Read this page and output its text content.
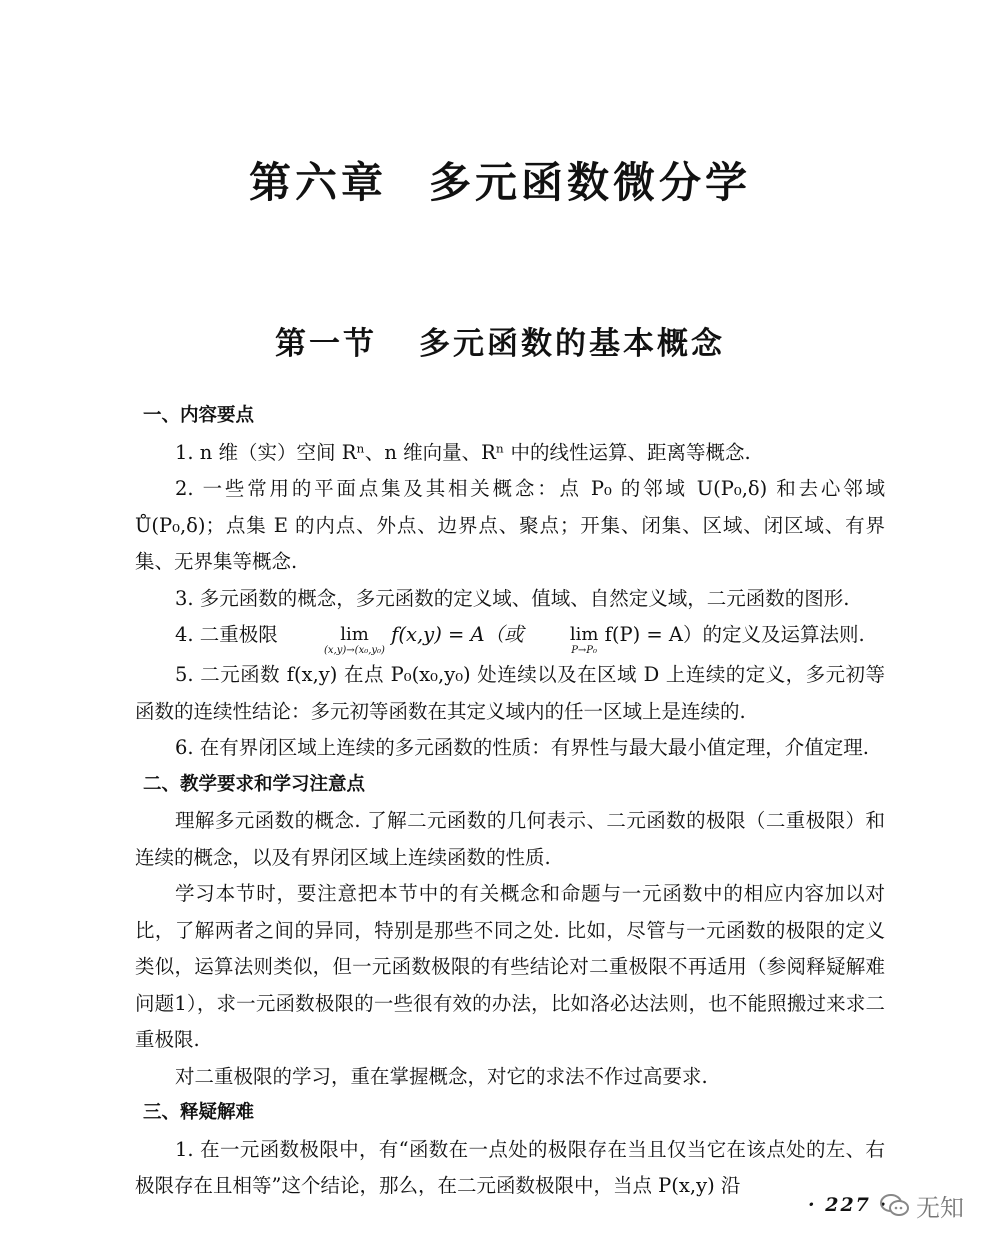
第六章 多元函数微分学
第一节 多元函数的基本概念
一、内容要点

1. n 维（实）空间 Rⁿ、n 维向量、Rⁿ 中的线性运算、距离等概念.

2. 一些常用的平面点集及其相关概念：点 P₀ 的邻域 U(P₀,δ) 和去心邻域 Ů(P₀,δ)；点集 E 的内点、外点、边界点、聚点；开集、闭集、区域、闭区域、有界集、无界集等概念.

3. 多元函数的概念，多元函数的定义域、值域、自然定义域，二元函数的图形.

4. 二重极限	lim
(x,y)→(x₀,y₀)
f(x,y) = A（或	lim
P→P₀
f(P) = A）的定义及运算法则.

5. 二元函数 f(x,y) 在点 P₀(x₀,y₀) 处连续以及在区域 D 上连续的定义，多元初等函数的连续性结论：多元初等函数在其定义域内的任一区域上是连续的.

6. 在有界闭区域上连续的多元函数的性质：有界性与最大最小值定理，介值定理.

二、教学要求和学习注意点

理解多元函数的概念. 了解二元函数的几何表示、二元函数的极限（二重极限）和连续的概念，以及有界闭区域上连续函数的性质.

学习本节时，要注意把本节中的有关概念和命题与一元函数中的相应内容加以对比，了解两者之间的异同，特别是那些不同之处. 比如，尽管与一元函数的极限的定义类似，运算法则类似，但一元函数极限的有些结论对二重极限不再适用（参阅释疑解难问题1），求一元函数极限的一些很有效的办法，比如洛必达法则，也不能照搬过来求二重极限.

对二重极限的学习，重在掌握概念，对它的求法不作过高要求.

三、释疑解难

1. 在一元函数极限中，有“函数在一点处的极限存在当且仅当它在该点处的左、右极限存在且相等”这个结论，那么，在二元函数极限中，当点 P(x,y) 沿

· 227 · 无知
